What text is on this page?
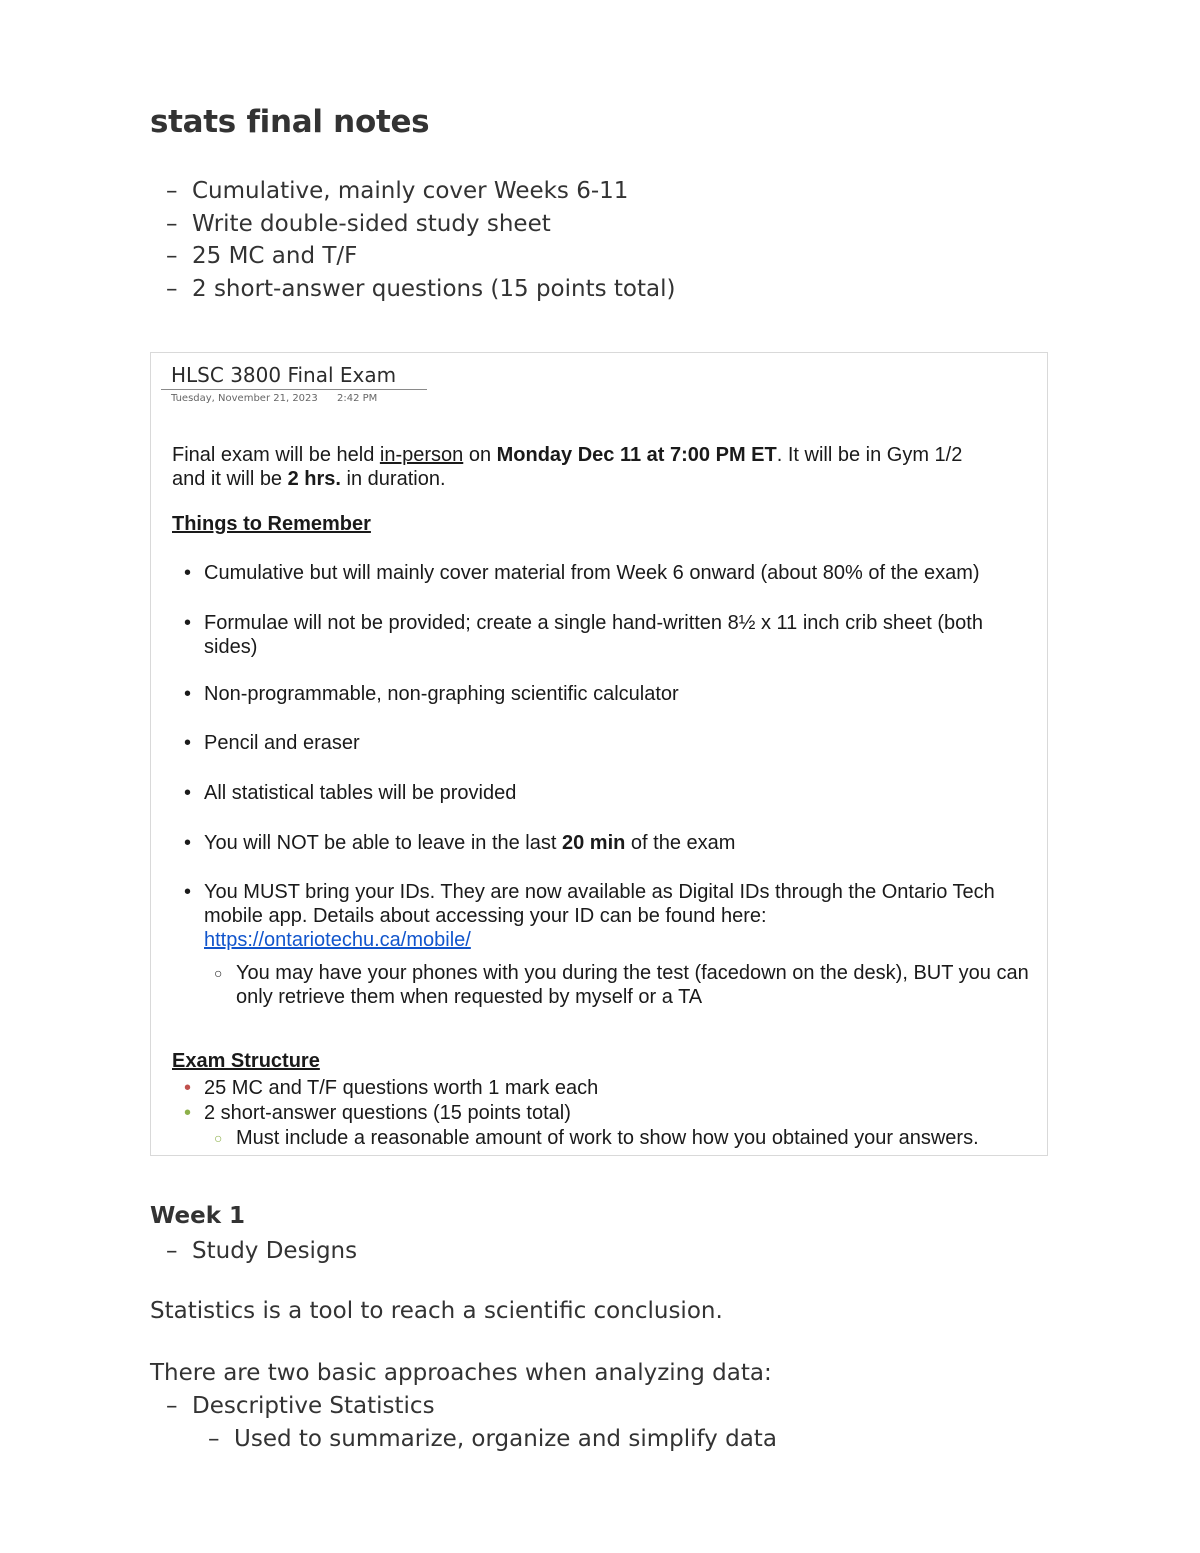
stats final notes
– Cumulative, mainly cover Weeks 6-11
– Write double-sided study sheet
– 25 MC and T/F
– 2 short-answer questions (15 points total)
HLSC 3800 Final Exam
Tuesday, November 21, 2023 2:42 PM
Final exam will be held in-person on Monday Dec 11 at 7:00 PM ET. It will be in Gym 1/2 and it will be 2 hrs. in duration.
Things to Remember
• Cumulative but will mainly cover material from Week 6 onward (about 80% of the exam)
• Formulae will not be provided; create a single hand-written 8½ x 11 inch crib sheet (both sides)
• Non-programmable, non-graphing scientific calculator
• Pencil and eraser
• All statistical tables will be provided
• You will NOT be able to leave in the last 20 min of the exam
• You MUST bring your IDs. They are now available as Digital IDs through the Ontario Tech mobile app. Details about accessing your ID can be found here: https://ontariotechu.ca/mobile/
○ You may have your phones with you during the test (facedown on the desk), BUT you can only retrieve them when requested by myself or a TA
Exam Structure
• 25 MC and T/F questions worth 1 mark each
• 2 short-answer questions (15 points total)
○ Must include a reasonable amount of work to show how you obtained your answers.
Week 1
– Study Designs

Statistics is a tool to reach a scientific conclusion.

There are two basic approaches when analyzing data:

– Descriptive Statistics
– Used to summarize, organize and simplify data
